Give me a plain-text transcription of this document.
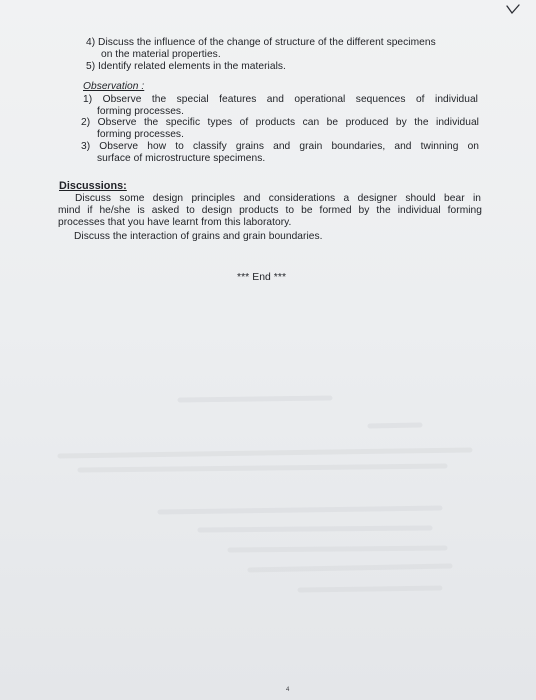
4) Discuss the influence of the change of structure of the different specimens
on the material properties.
5) Identify related elements in the materials.
Observation :
1) Observe the special features and operational sequences of individual
forming processes.
2) Observe the specific types of products can be produced by the individual
forming processes.
3) Observe how to classify grains and grain boundaries, and twinning on
surface of microstructure specimens.
Discussions:
Discuss some design principles and considerations a designer should bear in
mind if he/she is asked to design products to be formed by the individual forming
processes that you have learnt from this laboratory.
Discuss the interaction of grains and grain boundaries.
*** End ***
4
